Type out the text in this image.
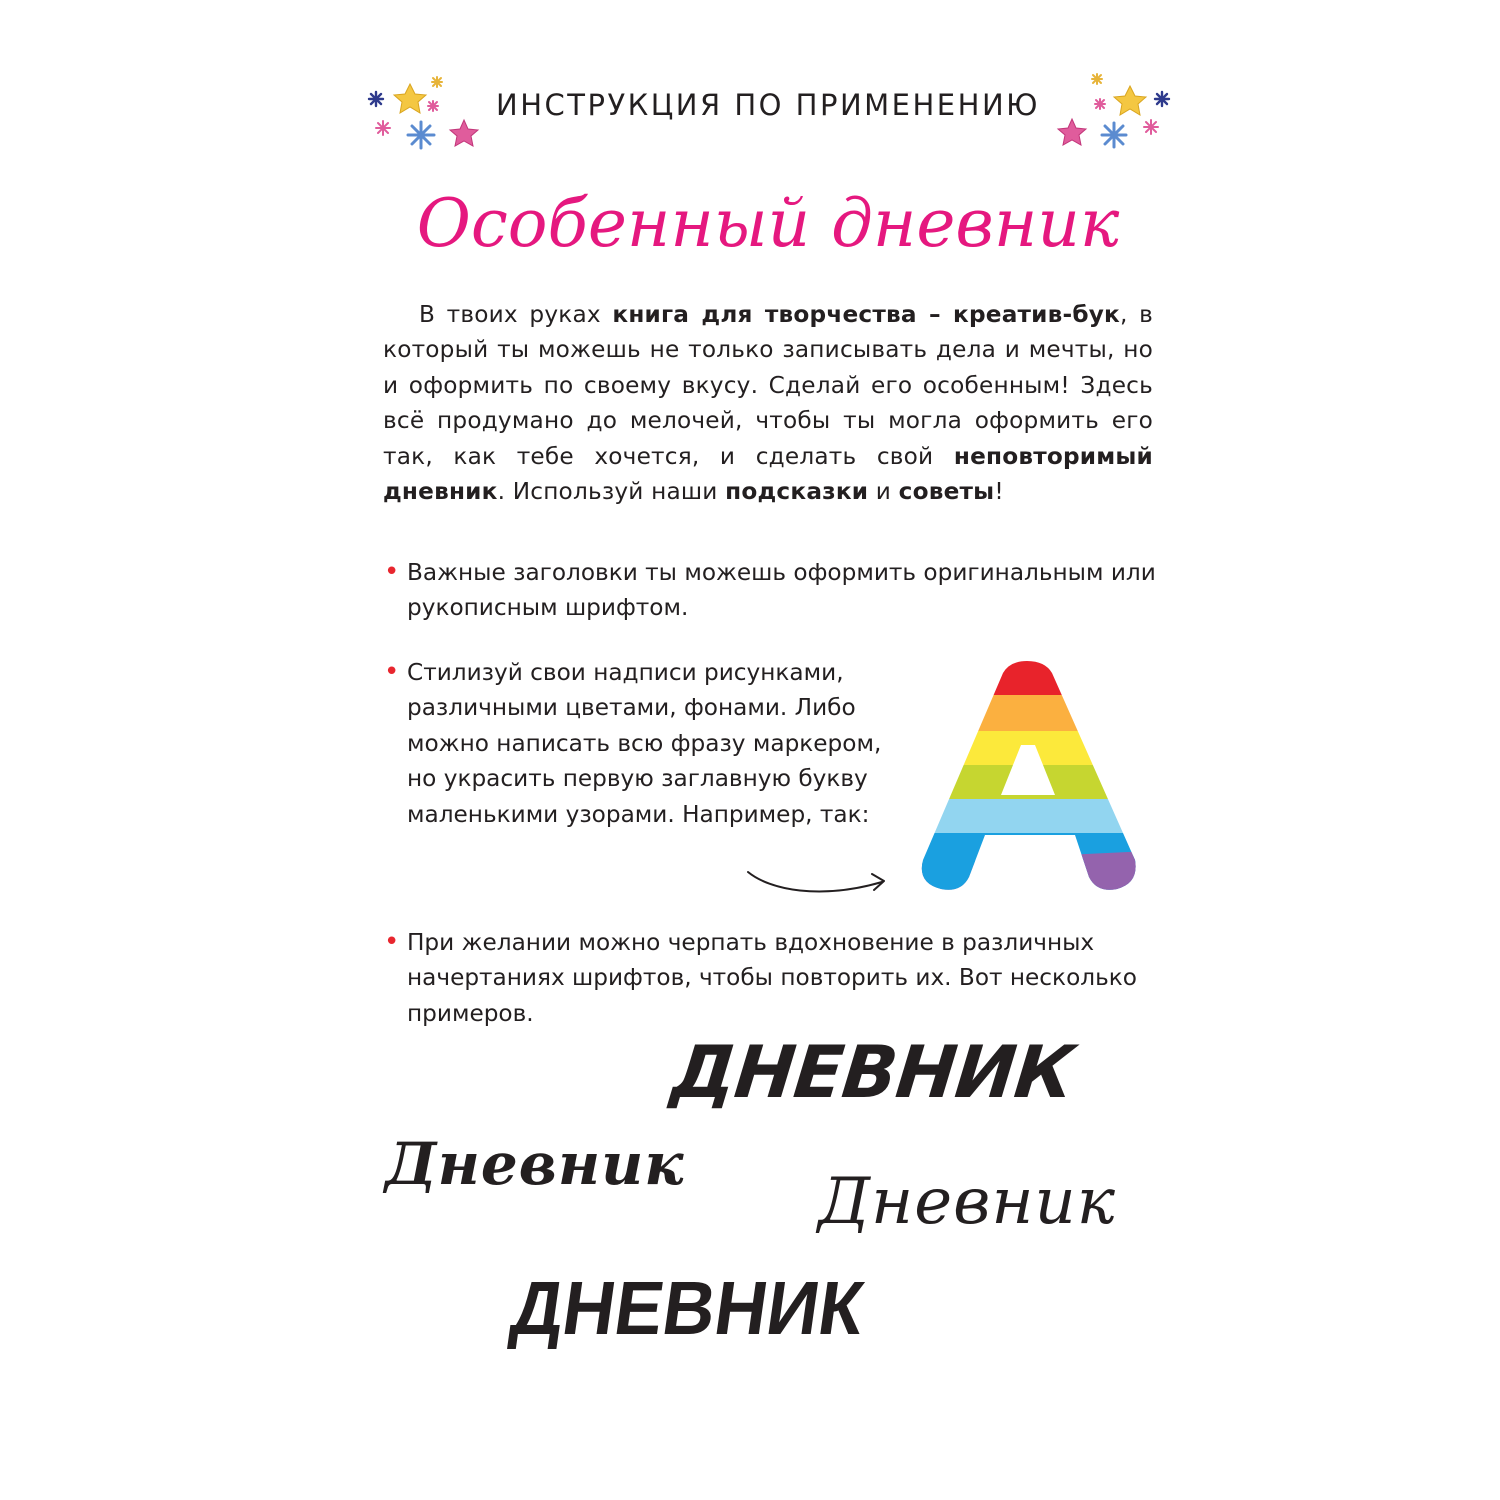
ИНСТРУКЦИЯ ПО ПРИМЕНЕНИЮ
Особенный дневник
В твоих руках книга для творчества – креатив-бук, в который ты можешь не только записывать дела и мечты, но и оформить по своему вкусу. Сделай его особенным! Здесь всё продумано до мелочей, чтобы ты могла оформить его так, как тебе хочется, и сделать свой неповторимый дневник. Используй наши подсказки и советы!
• Важные заголовки ты можешь оформить оригинальным или рукописным шрифтом.
• Стилизуй свои надписи рисунками, различными цветами, фонами. Либо можно написать всю фразу маркером, но украсить первую заглавную букву маленькими узорами. Например, так:
• При желании можно черпать вдохновение в различных начертаниях шрифтов, чтобы повторить их. Вот несколько примеров.
ДНЕВНИК
Дневник
Дневник
ДНЕВНИК
